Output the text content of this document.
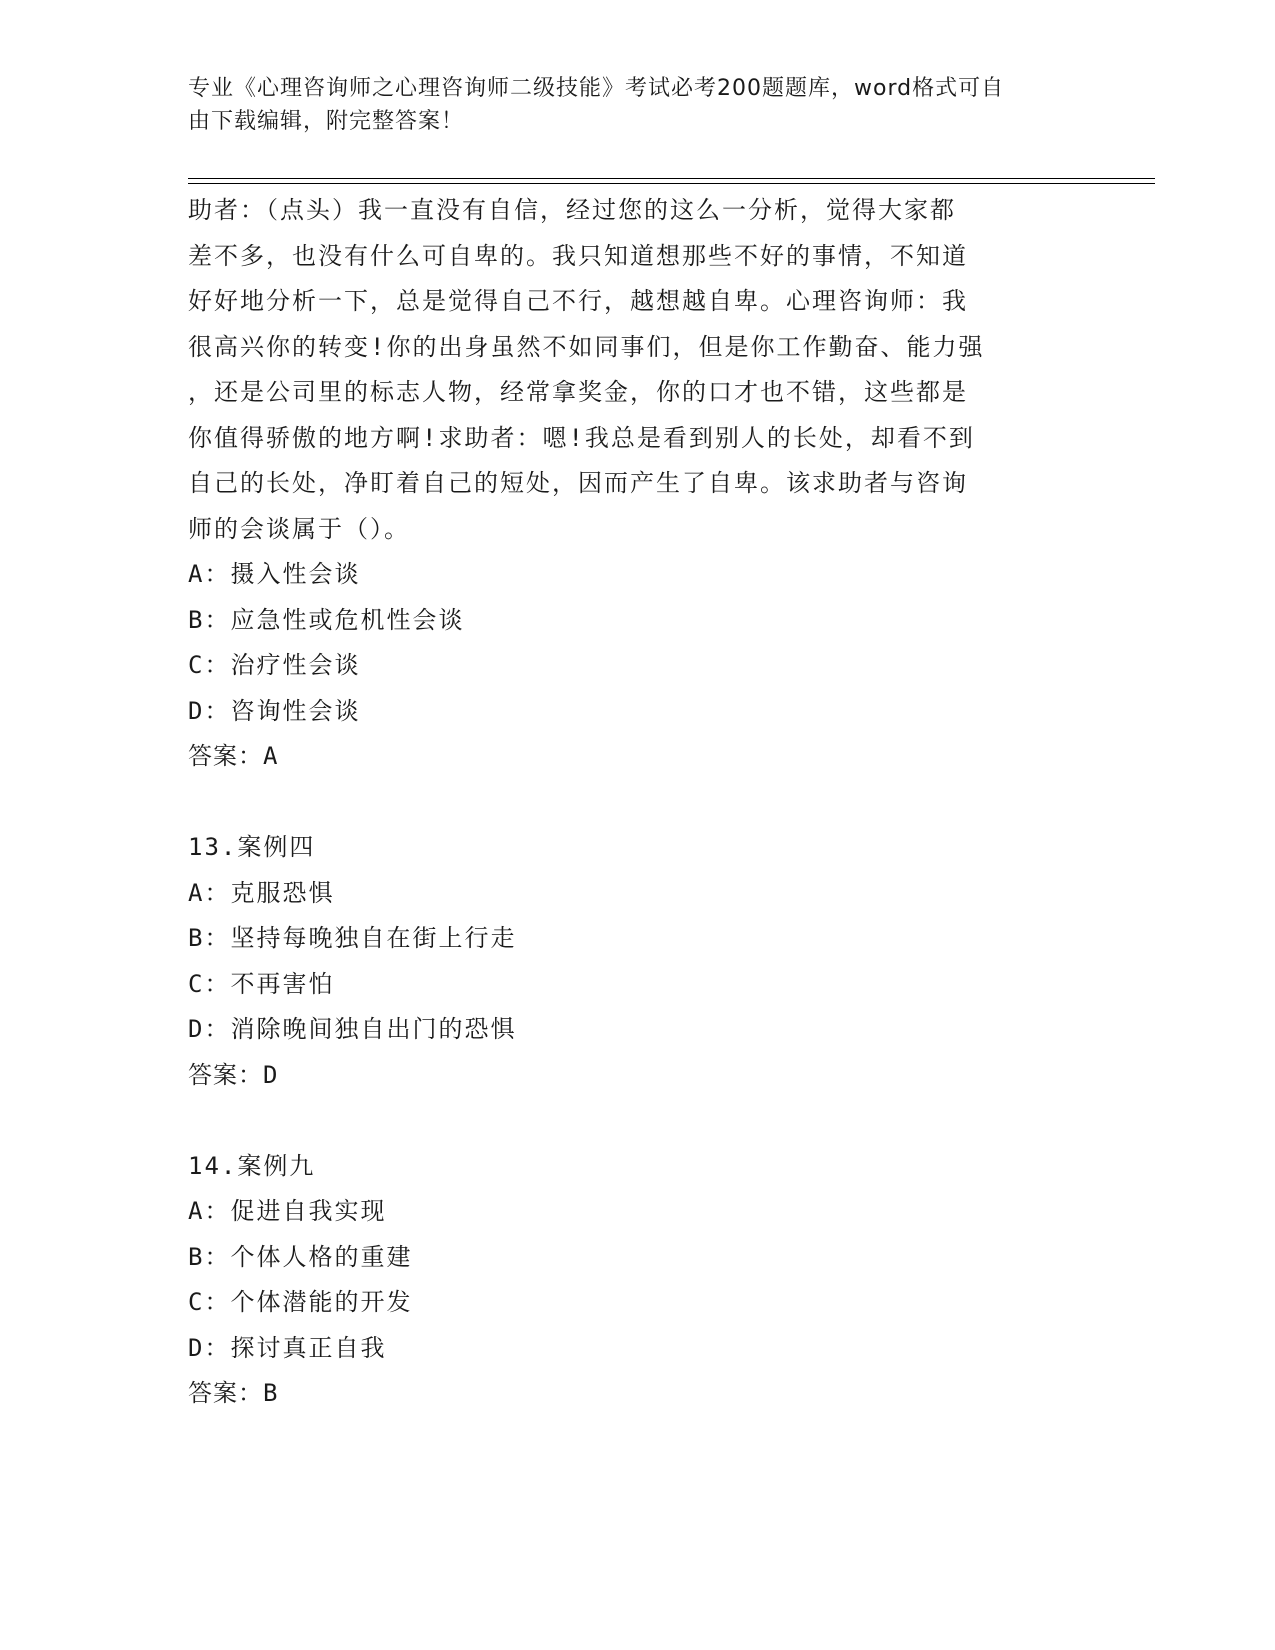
专业《心理咨询师之心理咨询师二级技能》考试必考200题题库，word格式可自
由下载编辑，附完整答案！
助者：（点头）我一直没有自信，经过您的这么一分析，觉得大家都
差不多，也没有什么可自卑的。我只知道想那些不好的事情，不知道
好好地分析一下，总是觉得自己不行，越想越自卑。心理咨询师：我
很高兴你的转变!你的出身虽然不如同事们，但是你工作勤奋、能力强
，还是公司里的标志人物，经常拿奖金，你的口才也不错，这些都是
你值得骄傲的地方啊!求助者：嗯!我总是看到别人的长处，却看不到
自己的长处，净盯着自己的短处，因而产生了自卑。该求助者与咨询
师的会谈属于（）。
A：摄入性会谈
B：应急性或危机性会谈
C：治疗性会谈
D：咨询性会谈
答案：A
13.案例四
A：克服恐惧
B：坚持每晚独自在街上行走
C：不再害怕
D：消除晚间独自出门的恐惧
答案：D
14.案例九
A：促进自我实现
B：个体人格的重建
C：个体潜能的开发
D：探讨真正自我
答案：B
